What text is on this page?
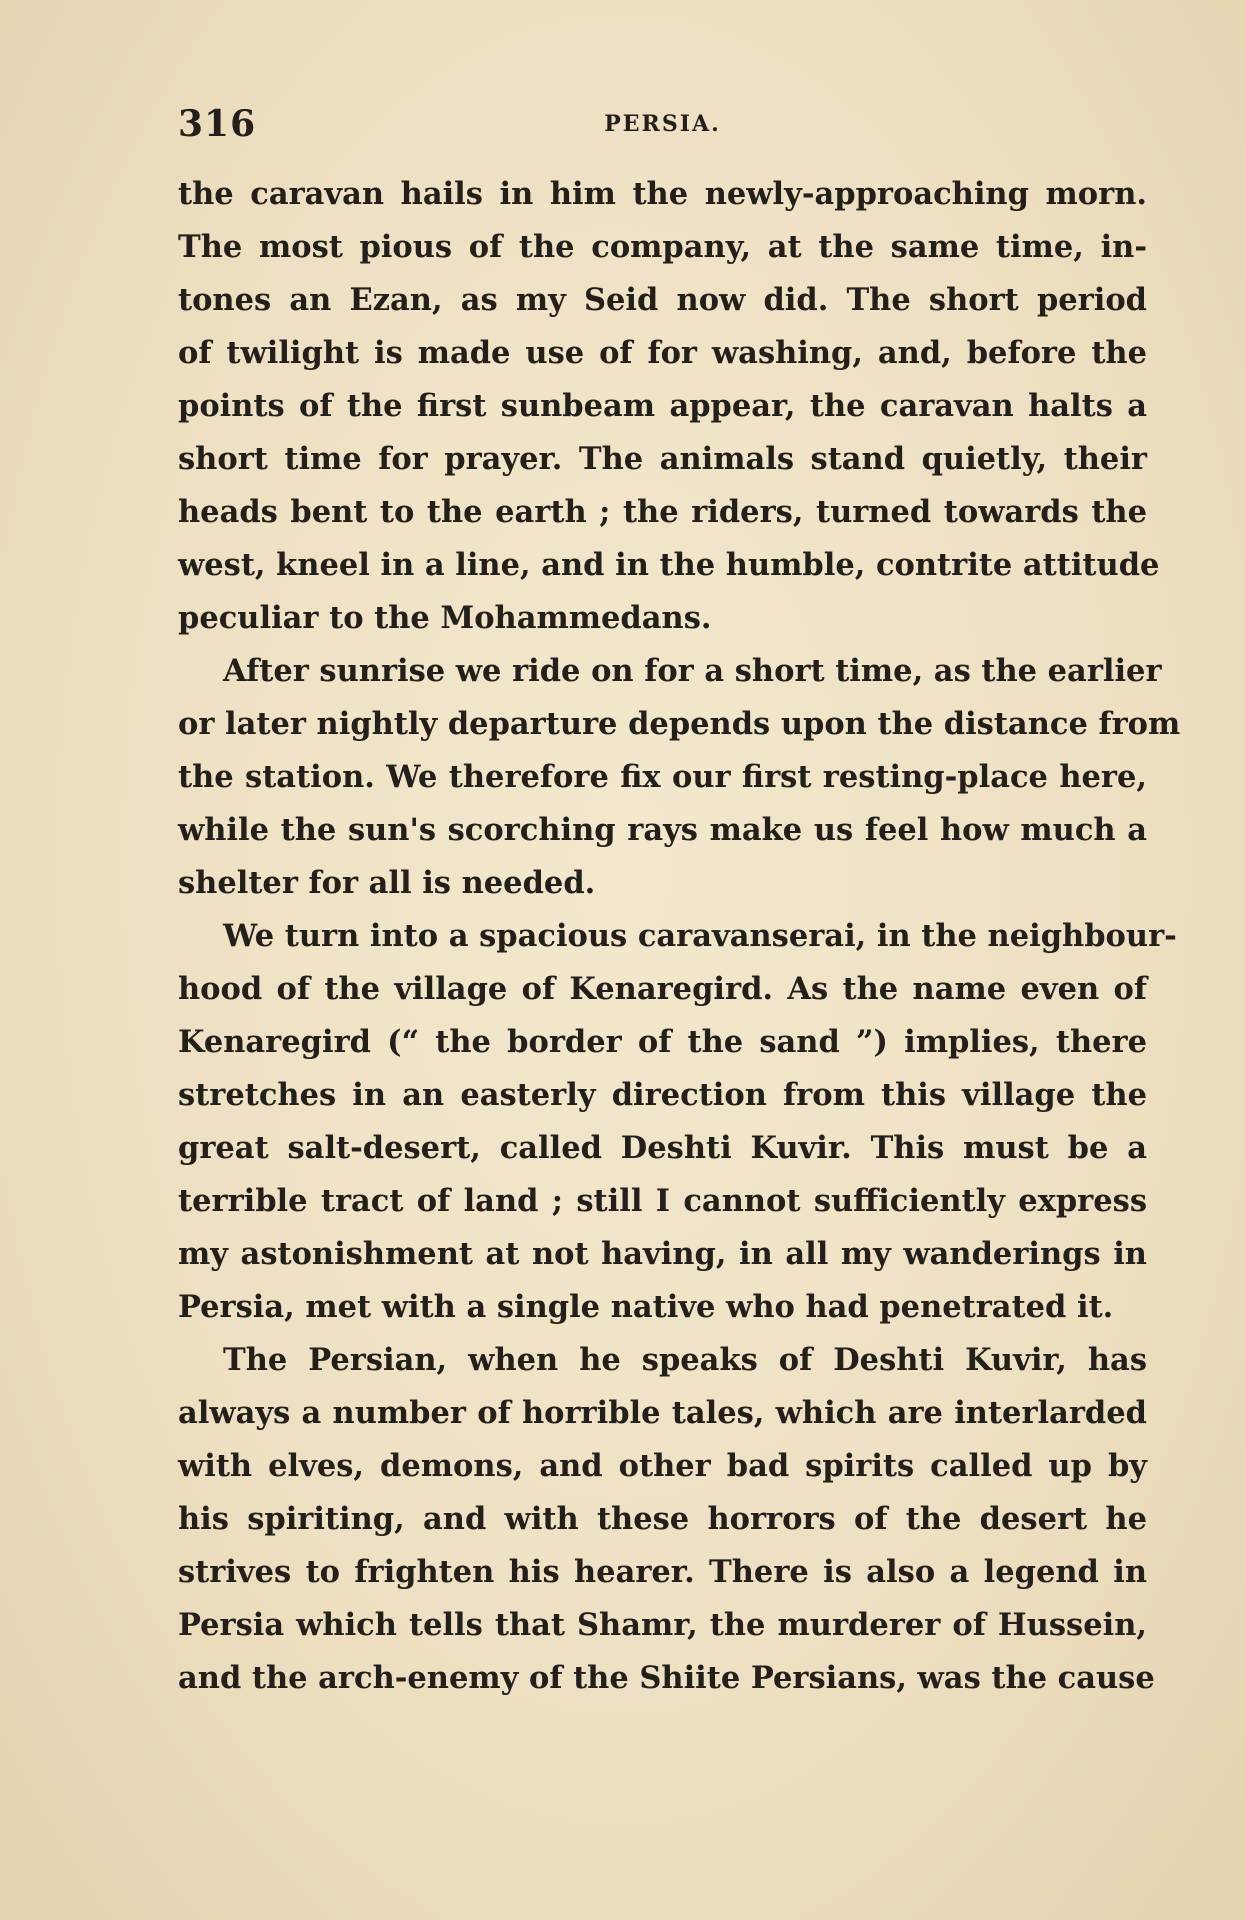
316	PERSIA.
the caravan hails in him the newly-approaching morn.
The most pious of the company, at the same time, in-
tones an Ezan, as my Seid now did. The short period
of twilight is made use of for washing, and, before the
points of the first sunbeam appear, the caravan halts a
short time for prayer. The animals stand quietly, their
heads bent to the earth ; the riders, turned towards the
west, kneel in a line, and in the humble, contrite attitude
peculiar to the Mohammedans.
After sunrise we ride on for a short time, as the earlier
or later nightly departure depends upon the distance from
the station. We therefore fix our first resting-place here,
while the sun's scorching rays make us feel how much a
shelter for all is needed.
We turn into a spacious caravanserai, in the neighbour-
hood of the village of Kenaregird. As the name even of
Kenaregird (“ the border of the sand ”) implies, there
stretches in an easterly direction from this village the
great salt-desert, called Deshti Kuvir. This must be a
terrible tract of land ; still I cannot sufficiently express
my astonishment at not having, in all my wanderings in
Persia, met with a single native who had penetrated it.
The Persian, when he speaks of Deshti Kuvir, has
always a number of horrible tales, which are interlarded
with elves, demons, and other bad spirits called up by
his spiriting, and with these horrors of the desert he
strives to frighten his hearer. There is also a legend in
Persia which tells that Shamr, the murderer of Hussein,
and the arch-enemy of the Shiite Persians, was the cause
